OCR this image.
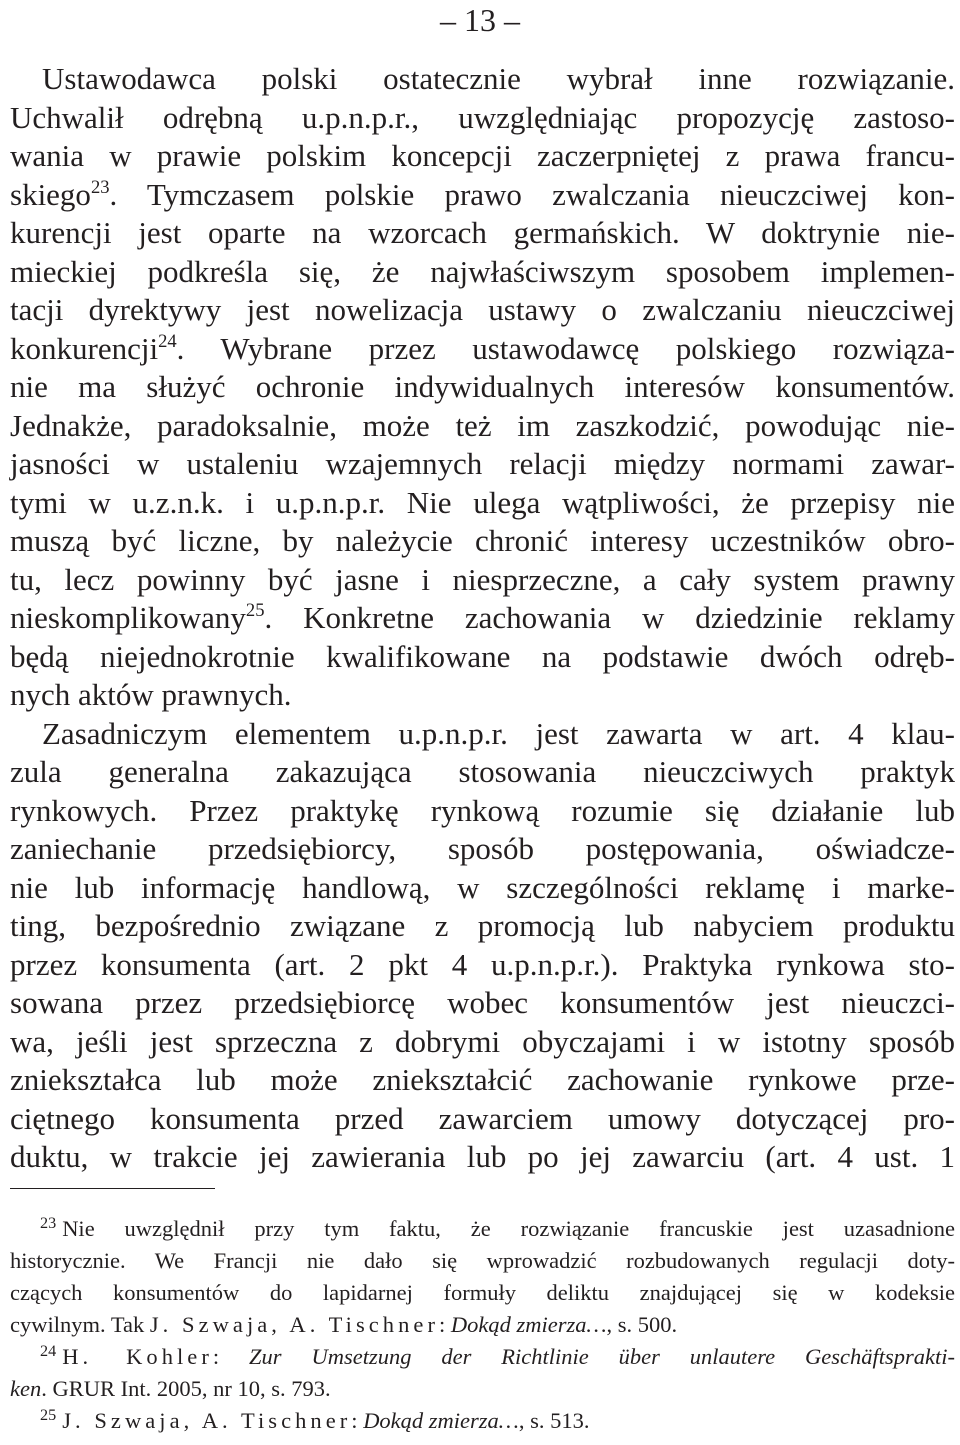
– 13 –
Ustawodawca polski ostatecznie wybrał inne rozwiązanie.
Uchwalił odrębną u.p.n.p.r., uwzględniając propozycję zastoso-
wania w prawie polskim koncepcji zaczerpniętej z prawa francu-
skiego$^{23}$. Tymczasem polskie prawo zwalczania nieuczciwej kon-
kurencji jest oparte na wzorcach germańskich. W doktrynie nie-
mieckiej podkreśla się, że najwłaściwszym sposobem implemen-
tacji dyrektywy jest nowelizacja ustawy o zwalczaniu nieuczciwej
konkurencji$^{24}$. Wybrane przez ustawodawcę polskiego rozwiąza-
nie ma służyć ochronie indywidualnych interesów konsumentów.
Jednakże, paradoksalnie, może też im zaszkodzić, powodując nie-
jasności w ustaleniu wzajemnych relacji między normami zawar-
tymi w u.z.n.k. i u.p.n.p.r. Nie ulega wątpliwości, że przepisy nie
muszą być liczne, by należycie chronić interesy uczestników obro-
tu, lecz powinny być jasne i niesprzeczne, a cały system prawny
nieskomplikowany$^{25}$. Konkretne zachowania w dziedzinie reklamy
będą niejednokrotnie kwalifikowane na podstawie dwóch odręb-
nych aktów prawnych.
Zasadniczym elementem u.p.n.p.r. jest zawarta w art. 4 klau-
zula generalna zakazująca stosowania nieuczciwych praktyk
rynkowych. Przez praktykę rynkową rozumie się działanie lub
zaniechanie przedsiębiorcy, sposób postępowania, oświadcze-
nie lub informację handlową, w szczególności reklamę i marke-
ting, bezpośrednio związane z promocją lub nabyciem produktu
przez konsumenta (art. 2 pkt 4 u.p.n.p.r.). Praktyka rynkowa sto-
sowana przez przedsiębiorcę wobec konsumentów jest nieuczci-
wa, jeśli jest sprzeczna z dobrymi obyczajami i w istotny sposób
zniekształca lub może zniekształcić zachowanie rynkowe prze-
ciętnego konsumenta przed zawarciem umowy dotyczącej pro-
duktu, w trakcie jej zawierania lub po jej zawarciu (art. 4 ust. 1
$^{23}$ Nie uwzględnił przy tym faktu, że rozwiązanie francuskie jest uzasadnione
historycznie. We Francji nie dało się wprowadzić rozbudowanych regulacji doty-
czących konsumentów do lapidarnej formuły deliktu znajdującej się w kodeksie
cywilnym. Tak J. Szwaja, A. Tischner: Dokąd zmierza…, s. 500.
$^{24}$ H. Kohler: Zur Umsetzung der Richtlinie über unlautere Geschäftsprakti-
ken. GRUR Int. 2005, nr 10, s. 793.
$^{25}$ J. Szwaja, A. Tischner: Dokąd zmierza…, s. 513.
